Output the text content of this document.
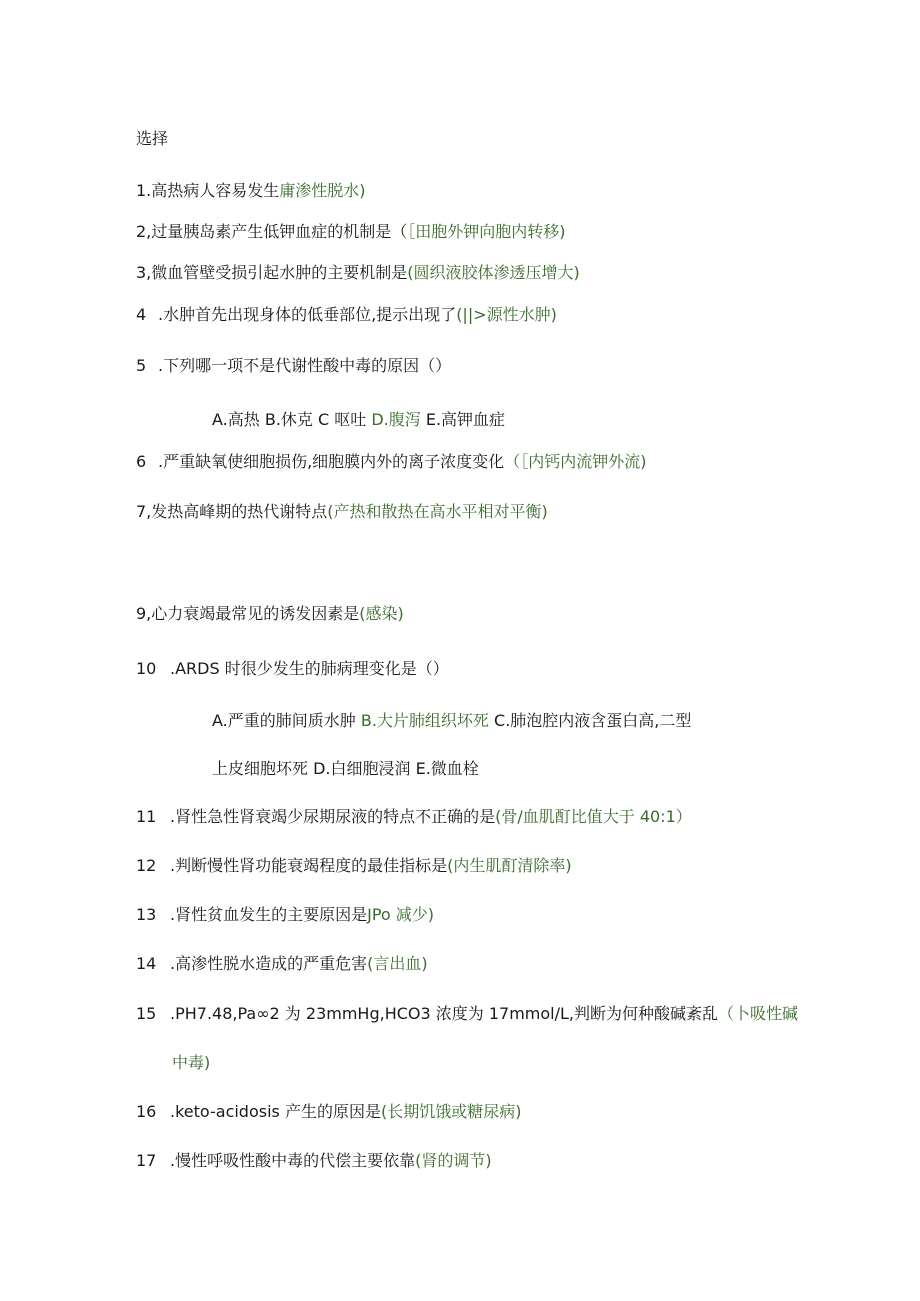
选择
1.高热病人容易发生庸渗性脱水)
2,过量胰岛素产生低钾血症的机制是（［田胞外钾向胞内转移)
3,微血管壁受损引起水肿的主要机制是(圆织液胶体渗透压增大)
4 .水肿首先出现身体的低垂部位,提示出现了(||>源性水肿)
5 .下列哪一项不是代谢性酸中毒的原因（）
A.高热 B.休克 C 呕吐 D.腹泻 E.高钾血症
6 .严重缺氧使细胞损伤,细胞膜内外的离子浓度变化（［内钙内流钾外流)
7,发热高峰期的热代谢特点(产热和散热在高水平相对平衡)
9,心力衰竭最常见的诱发因素是(感染)
10 .ARDS 时很少发生的肺病理变化是（）
A.严重的肺间质水肿 B.大片肺组织坏死 C.肺泡腔内液含蛋白高,二型
上皮细胞坏死 D.白细胞浸润 E.微血栓
11 .肾性急性肾衰竭少尿期尿液的特点不正确的是(骨/血肌酊比值大于 40:1）
12 .判断慢性肾功能衰竭程度的最佳指标是(内生肌酊清除率)
13 .肾性贫血发生的主要原因是JPo 减少)
14 .高渗性脱水造成的严重危害(言出血)
15 .PH7.48,Pa∞2 为 23mmHg,HCO3 浓度为 17mmol/L,判断为何种酸碱紊乱（卜吸性碱
中毒)
16 .keto-acidosis 产生的原因是(长期饥饿或糖尿病)
17 .慢性呼吸性酸中毒的代偿主要依靠(肾的调节)
